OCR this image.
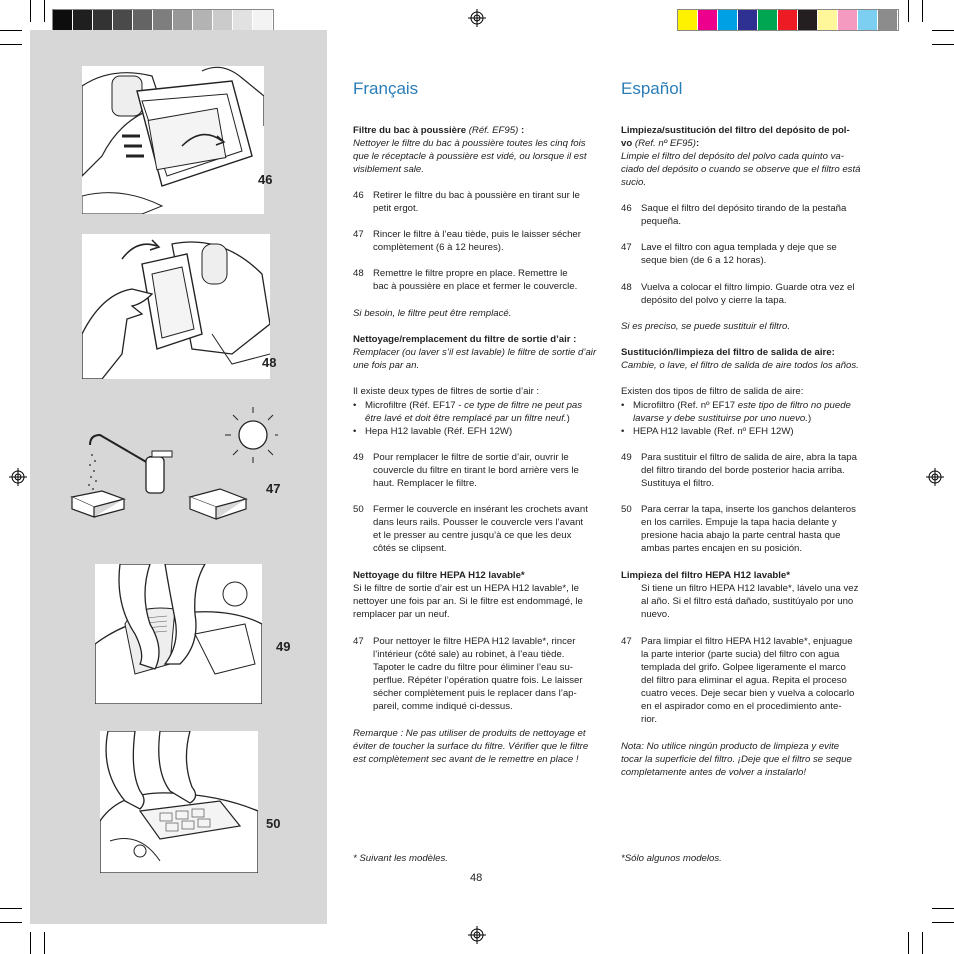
46
48
47
49
50
Français
Filtre du bac à poussière (Réf. EF95) :
Nettoyer le filtre du bac à poussière toutes les cinq fois
que le réceptacle à poussière est vidé, ou lorsque il est
visiblement sale.
46 Retirer le filtre du bac à poussière en tirant sur le
petit ergot.
47 Rincer le filtre à l’eau tiède, puis le laisser sécher
complètement (6 à 12 heures).
48 Remettre le filtre propre en place. Remettre le
bac à poussière en place et fermer le couvercle.
Si besoin, le filtre peut être remplacé.
Nettoyage/remplacement du filtre de sortie d’air :
Remplacer (ou laver s’il est lavable) le filtre de sortie d’air
une fois par an.
Il existe deux types de filtres de sortie d’air :
• Microfiltre (Réf. EF17 - ce type de filtre ne peut pas
être lavé et doit être remplacé par un filtre neuf.)
• Hepa H12 lavable (Réf. EFH 12W)
49 Pour remplacer le filtre de sortie d’air, ouvrir le
couvercle du filtre en tirant le bord arrière vers le
haut. Remplacer le filtre.
50 Fermer le couvercle en insérant les crochets avant
dans leurs rails. Pousser le couvercle vers l’avant
et le presser au centre jusqu’à ce que les deux
côtés se clipsent.
Nettoyage du filtre HEPA H12 lavable*
Si le filtre de sortie d’air est un HEPA H12 lavable*, le
nettoyer une fois par an. Si le filtre est endommagé, le
remplacer par un neuf.
47 Pour nettoyer le filtre HEPA H12 lavable*, rincer
l’intérieur (côté sale) au robinet, à l’eau tiède.
Tapoter le cadre du filtre pour éliminer l’eau su-
perflue. Répéter l’opération quatre fois. Le laisser
sécher complètement puis le replacer dans l’ap-
pareil, comme indiqué ci-dessus.
Remarque : Ne pas utiliser de produits de nettoyage et
éviter de toucher la surface du filtre. Vérifier que le filtre
est complètement sec avant de le remettre en place !
* Suivant les modèles.
Español
Limpieza/sustitución del filtro del depósito de pol-
vo (Ref. nº EF95):
Limpie el filtro del depósito del polvo cada quinto va-
ciado del depósito o cuando se observe que el filtro está
sucio.
46 Saque el filtro del depósito tirando de la pestaña
pequeña.
47 Lave el filtro con agua templada y deje que se
seque bien (de 6 a 12 horas).
48 Vuelva a colocar el filtro limpio. Guarde otra vez el
depósito del polvo y cierre la tapa.
Si es preciso, se puede sustituir el filtro.
Sustitución/limpieza del filtro de salida de aire:
Cambie, o lave, el filtro de salida de aire todos los años.
Existen dos tipos de filtro de salida de aire:
• Microfiltro (Ref. nº EF17 este tipo de filtro no puede
lavarse y debe sustituirse por uno nuevo.)
• HEPA H12 lavable (Ref. nº EFH 12W)
49 Para sustituir el filtro de salida de aire, abra la tapa
del filtro tirando del borde posterior hacia arriba.
Sustituya el filtro.
50 Para cerrar la tapa, inserte los ganchos delanteros
en los carriles. Empuje la tapa hacia delante y
presione hacia abajo la parte central hasta que
ambas partes encajen en su posición.
Limpieza del filtro HEPA H12 lavable*
Si tiene un filtro HEPA H12 lavable*, lávelo una vez
al año. Si el filtro está dañado, sustitúyalo por uno
nuevo.
47 Para limpiar el filtro HEPA H12 lavable*, enjuague
la parte interior (parte sucia) del filtro con agua
templada del grifo. Golpee ligeramente el marco
del filtro para eliminar el agua. Repita el proceso
cuatro veces. Deje secar bien y vuelva a colocarlo
en el aspirador como en el procedimiento ante-
rior.
Nota: No utilice ningún producto de limpieza y evite
tocar la superficie del filtro. ¡Deje que el filtro se seque
completamente antes de volver a instalarlo!
*Sólo algunos modelos.
48
